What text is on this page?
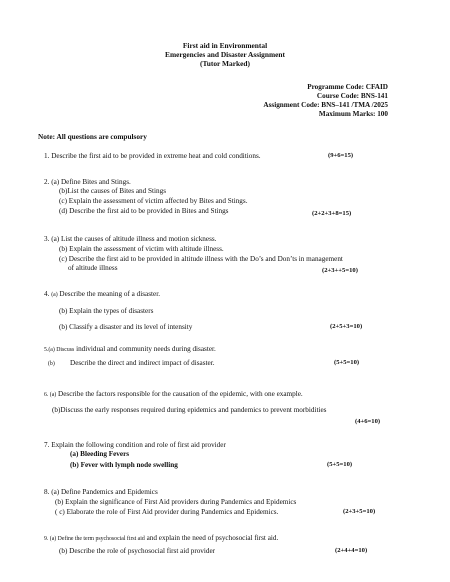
First aid in Environmental
Emergencies and Disaster Assignment
(Tutor Marked)
Programme Code: CFAID
Course Code: BNS-141
Assignment Code: BNS–141 /TMA /2025
Maximum Marks: 100
Note: All questions are compulsory
1. Describe the first aid to be provided in extreme heat and cold conditions.	(9+6=15)
2. (a) Define Bites and Stings.
(b)List the causes of Bites and Stings
(c) Explain the assessment of victim affected by Bites and Stings.
(d) Describe the first aid to be provided in Bites and Stings	(2+2+3+8=15)
3. (a) List the causes of altitude illness and motion sickness.
(b) Explain the assessment of victim with altitude illness.
(c) Describe the first aid to be provided in altitude illness with the Do’s and Don’ts in management
of altitude illness	(2+3++5=10)
4. (a) Describe the meaning of a disaster.
(b) Explain the types of disasters
(b) Classify a disaster and its level of intensity	(2+5+3=10)
5.(a) Discuss individual and community needs during disaster.
(b) Describe the direct and indirect impact of disaster.	(5+5=10)
6. (a) Describe the factors responsible for the causation of the epidemic, with one example.
(b)Discuss the early responses required during epidemics and pandemics to prevent morbidities
(4+6=10)
7. Explain the following condition and role of first aid provider
(a) Bleeding Fevers
(b) Fever with lymph node swelling	(5+5=10)
8. (a) Define Pandemics and Epidemics
(b) Explain the significance of First Aid providers during Pandemics and Epidemics
( c) Elaborate the role of First Aid provider during Pandemics and Epidemics.	(2+3+5=10)
9. (a) Define the term psychosocial first aid and explain the need of psychosocial first aid.
(b) Describe the role of psychosocial first aid provider	(2+4+4=10)
